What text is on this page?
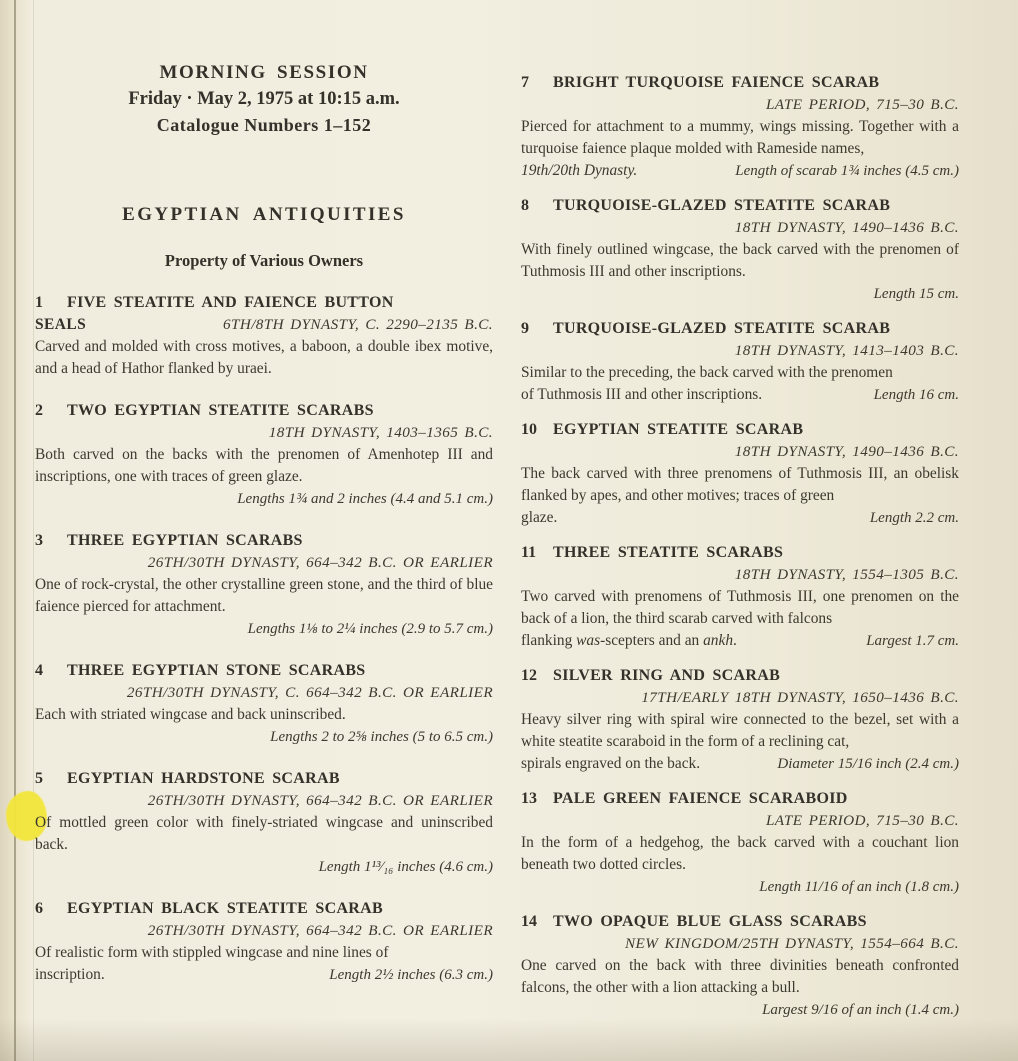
MORNING SESSION
Friday · May 2, 1975 at 10:15 a.m.
Catalogue Numbers 1–152
EGYPTIAN ANTIQUITIES
Property of Various Owners
1	FIVE STEATITE AND FAIENCE BUTTON
SEALS	6TH/8TH DYNASTY, C. 2290–2135 B.C.

Carved and molded with cross motives, a baboon, a double ibex motive, and a head of Hathor flanked by uraei.

2	TWO EGYPTIAN STEATITE SCARABS
18TH DYNASTY, 1403–1365 B.C.

Both carved on the backs with the prenomen of Amenhotep III and inscriptions, one with traces of green glaze.

Lengths 1¾ and 2 inches (4.4 and 5.1 cm.)
3	THREE EGYPTIAN SCARABS
26TH/30TH DYNASTY, 664–342 B.C. OR EARLIER

One of rock-crystal, the other crystalline green stone, and the third of blue faience pierced for attachment.

Lengths 1⅛ to 2¼ inches (2.9 to 5.7 cm.)
4	THREE EGYPTIAN STONE SCARABS
26TH/30TH DYNASTY, C. 664–342 B.C. OR EARLIER

Each with striated wingcase and back uninscribed.

Lengths 2 to 2⅝ inches (5 to 6.5 cm.)
5	EGYPTIAN HARDSTONE SCARAB
26TH/30TH DYNASTY, 664–342 B.C. OR EARLIER

Of mottled green color with finely-striated wingcase and uninscribed back.

Length 1¹³⁄₁₆ inches (4.6 cm.)
6	EGYPTIAN BLACK STEATITE SCARAB
26TH/30TH DYNASTY, 664–342 B.C. OR EARLIER

Of realistic form with stippled wingcase and nine lines of

inscription.	Length 2½ inches (6.3 cm.)
7	BRIGHT TURQUOISE FAIENCE SCARAB
LATE PERIOD, 715–30 B.C.

Pierced for attachment to a mummy, wings missing. Together with a turquoise faience plaque molded with Rameside names,

19th/20th Dynasty.	Length of scarab 1¾ inches (4.5 cm.)
8	TURQUOISE-GLAZED STEATITE SCARAB
18TH DYNASTY, 1490–1436 B.C.

With finely outlined wingcase, the back carved with the prenomen of Tuthmosis III and other inscriptions.

Length 15 cm.
9	TURQUOISE-GLAZED STEATITE SCARAB
18TH DYNASTY, 1413–1403 B.C.

Similar to the preceding, the back carved with the prenomen

of Tuthmosis III and other inscriptions.	Length 16 cm.
10	EGYPTIAN STEATITE SCARAB
18TH DYNASTY, 1490–1436 B.C.

The back carved with three prenomens of Tuthmosis III, an obelisk flanked by apes, and other motives; traces of green

glaze.	Length 2.2 cm.
11	THREE STEATITE SCARABS
18TH DYNASTY, 1554–1305 B.C.

Two carved with prenomens of Tuthmosis III, one prenomen on the back of a lion, the third scarab carved with falcons

flanking was-scepters and an ankh.	Largest 1.7 cm.
12	SILVER RING AND SCARAB
17TH/EARLY 18TH DYNASTY, 1650–1436 B.C.

Heavy silver ring with spiral wire connected to the bezel, set with a white steatite scaraboid in the form of a reclining cat,

spirals engraved on the back.	Diameter 15/16 inch (2.4 cm.)
13	PALE GREEN FAIENCE SCARABOID
LATE PERIOD, 715–30 B.C.

In the form of a hedgehog, the back carved with a couchant lion beneath two dotted circles.

Length 11/16 of an inch (1.8 cm.)
14	TWO OPAQUE BLUE GLASS SCARABS
NEW KINGDOM/25TH DYNASTY, 1554–664 B.C.

One carved on the back with three divinities beneath confronted falcons, the other with a lion attacking a bull.

Largest 9/16 of an inch (1.4 cm.)
